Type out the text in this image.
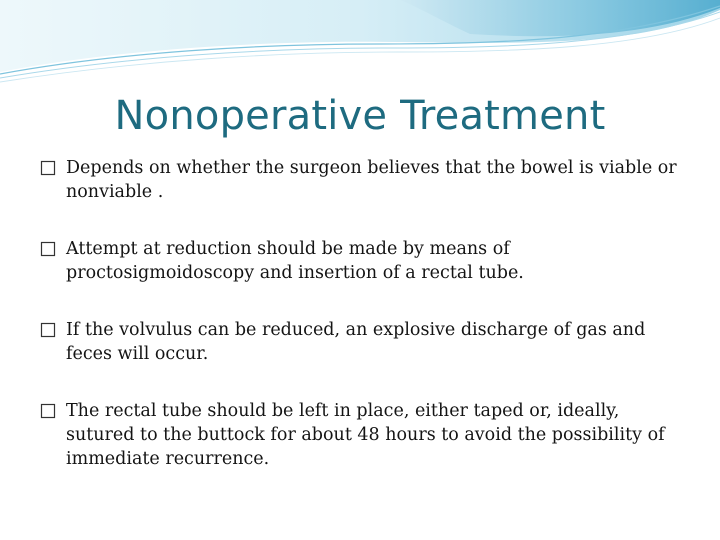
Nonoperative Treatment
Depends on whether the surgeon believes that the bowel is viable or nonviable .
Attempt at reduction should be made by means of proctosigmoidoscopy and insertion of a rectal tube.
If the volvulus can be reduced, an explosive discharge of gas and feces will occur.
The rectal tube should be left in place, either taped or, ideally, sutured to the buttock for about 48 hours to avoid the possibility of immediate recurrence.
